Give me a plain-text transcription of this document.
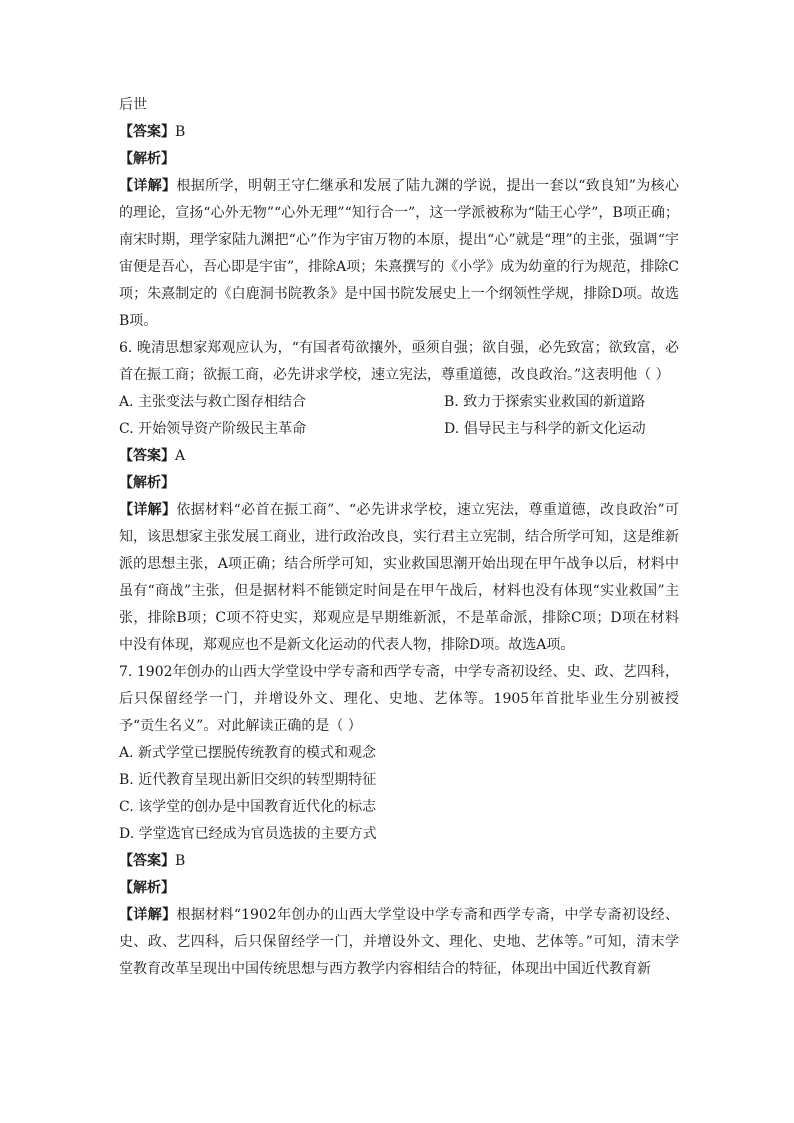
后世
【答案】B
【解析】
【详解】根据所学，明朝王守仁继承和发展了陆九渊的学说，提出一套以“致良知”为核心的理论，宣扬“心外无物”“心外无理”“知行合一”，这一学派被称为“陆王心学”，B项正确；南宋时期，理学家陆九渊把“心”作为宇宙万物的本原，提出“心”就是“理”的主张，强调“宇宙便是吾心，吾心即是宇宙”，排除A项；朱熹撰写的《小学》成为幼童的行为规范，排除C项；朱熹制定的《白鹿洞书院教条》是中国书院发展史上一个纲领性学规，排除D项。故选B项。
6. 晚清思想家郑观应认为，“有国者苟欲攘外，亟须自强；欲自强，必先致富；欲致富，必首在振工商；欲振工商，必先讲求学校，速立宪法，尊重道德，改良政治。”这表明他（ ）
A. 主张变法与救亡图存相结合	B. 致力于探索实业救国的新道路
C. 开始领导资产阶级民主革命	D. 倡导民主与科学的新文化运动
【答案】A
【解析】
【详解】依据材料“必首在振工商”、“必先讲求学校，速立宪法，尊重道德，改良政治”可知，该思想家主张发展工商业，进行政治改良，实行君主立宪制，结合所学可知，这是维新派的思想主张，A项正确；结合所学可知，实业救国思潮开始出现在甲午战争以后，材料中虽有“商战”主张，但是据材料不能锁定时间是在甲午战后，材料也没有体现“实业救国”主张，排除B项；C项不符史实，郑观应是早期维新派，不是革命派，排除C项；D项在材料中没有体现，郑观应也不是新文化运动的代表人物，排除D项。故选A项。
7. 1902年创办的山西大学堂设中学专斋和西学专斋，中学专斋初设经、史、政、艺四科，后只保留经学一门，并增设外文、理化、史地、艺体等。1905年首批毕业生分别被授予“贡生名义”。对此解读正确的是（ ）
A. 新式学堂已摆脱传统教育的模式和观念
B. 近代教育呈现出新旧交织的转型期特征
C. 该学堂的创办是中国教育近代化的标志
D. 学堂选官已经成为官员选拔的主要方式
【答案】B
【解析】
【详解】根据材料“1902年创办的山西大学堂设中学专斋和西学专斋，中学专斋初设经、史、政、艺四科，后只保留经学一门，并增设外文、理化、史地、艺体等。”可知，清末学堂教育改革呈现出中国传统思想与西方教学内容相结合的特征，体现出中国近代教育新
